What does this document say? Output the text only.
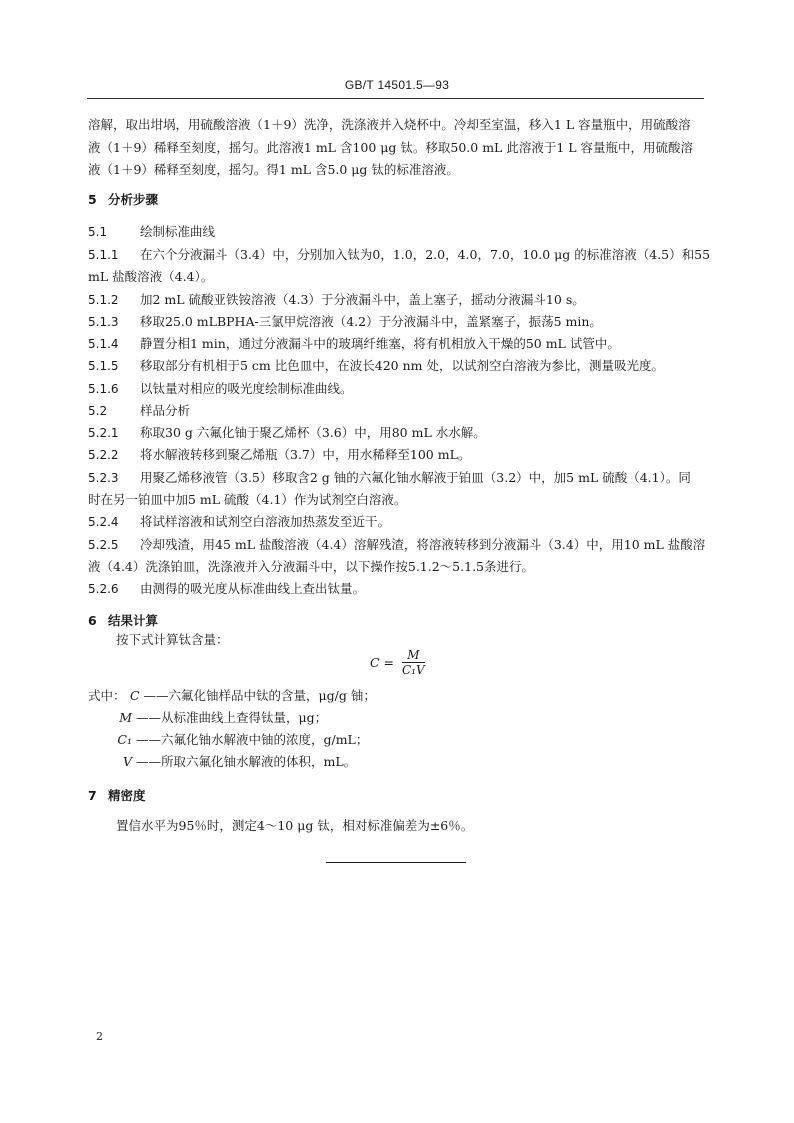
GB/T 14501.5—93
溶解，取出坩埚，用硫酸溶液（1＋9）洗净，洗涤液并入烧杯中。冷却至室温，移入1 L 容量瓶中，用硫酸溶
液（1＋9）稀释至刻度，摇匀。此溶液1 mL 含100 μg 钛。移取50.0 mL 此溶液于1 L 容量瓶中，用硫酸溶
液（1＋9）稀释至刻度，摇匀。得1 mL 含5.0 μg 钛的标准溶液。
5 分析步骤
5.1	绘制标准曲线
5.1.1 在六个分液漏斗（3.4）中，分别加入钛为0，1.0，2.0，4.0，7.0，10.0 μg 的标准溶液（4.5）和55
mL 盐酸溶液（4.4）。
5.1.2 加2 mL 硫酸亚铁铵溶液（4.3）于分液漏斗中，盖上塞子，摇动分液漏斗10 s。
5.1.3 移取25.0 mLBPHA-三氯甲烷溶液（4.2）于分液漏斗中，盖紧塞子，振荡5 min。
5.1.4 静置分相1 min，通过分液漏斗中的玻璃纤维塞，将有机相放入干燥的50 mL 试管中。
5.1.5 移取部分有机相于5 cm 比色皿中，在波长420 nm 处，以试剂空白溶液为参比，测量吸光度。
5.1.6 以钛量对相应的吸光度绘制标准曲线。
5.2	样品分析
5.2.1 称取30 g 六氟化铀于聚乙烯杯（3.6）中，用80 mL 水水解。
5.2.2 将水解液转移到聚乙烯瓶（3.7）中，用水稀释至100 mL。
5.2.3 用聚乙烯移液管（3.5）移取含2 g 铀的六氟化铀水解液于铂皿（3.2）中，加5 mL 硫酸（4.1）。同
时在另一铂皿中加5 mL 硫酸（4.1）作为试剂空白溶液。
5.2.4 将试样溶液和试剂空白溶液加热蒸发至近干。
5.2.5 冷却残渣，用45 mL 盐酸溶液（4.4）溶解残渣，将溶液转移到分液漏斗（3.4）中，用10 mL 盐酸溶
液（4.4）洗涤铂皿，洗涤液并入分液漏斗中，以下操作按5.1.2～5.1.5条进行。
5.2.6 由测得的吸光度从标准曲线上查出钛量。
6 结果计算
按下式计算钛含量：
$C = \frac{M}{\text{C₁V}}$
式中： C ——六氟化铀样品中钛的含量，μg/g 铀；
M ——从标准曲线上查得钛量，μg；
C₁ ——六氟化铀水解液中铀的浓度，g/mL；
V ——所取六氟化铀水解液的体积，mL。
7 精密度
置信水平为95％时，测定4～10 μg 钛，相对标准偏差为±6％。
2
